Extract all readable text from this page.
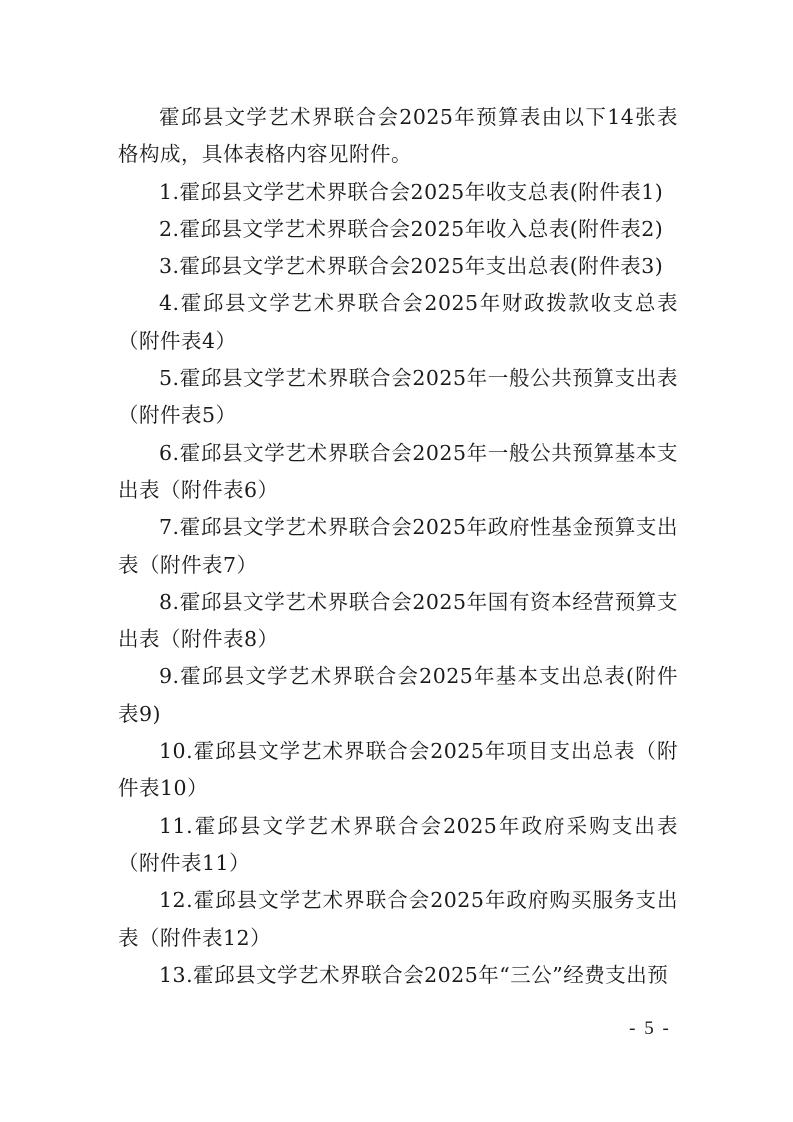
霍邱县文学艺术界联合会2025年预算表由以下14张表格构成，具体表格内容见附件。

1.霍邱县文学艺术界联合会2025年收支总表(附件表1)

2.霍邱县文学艺术界联合会2025年收入总表(附件表2)

3.霍邱县文学艺术界联合会2025年支出总表(附件表3)

4.霍邱县文学艺术界联合会2025年财政拨款收支总表（附件表4）

5.霍邱县文学艺术界联合会2025年一般公共预算支出表（附件表5）

6.霍邱县文学艺术界联合会2025年一般公共预算基本支出表（附件表6）

7.霍邱县文学艺术界联合会2025年政府性基金预算支出表（附件表7）

8.霍邱县文学艺术界联合会2025年国有资本经营预算支出表（附件表8）

9.霍邱县文学艺术界联合会2025年基本支出总表(附件表9)

10.霍邱县文学艺术界联合会2025年项目支出总表（附件表10）

11.霍邱县文学艺术界联合会2025年政府采购支出表（附件表11）

12.霍邱县文学艺术界联合会2025年政府购买服务支出表（附件表12）

13.霍邱县文学艺术界联合会2025年“三公”经费支出预

- 5 -
